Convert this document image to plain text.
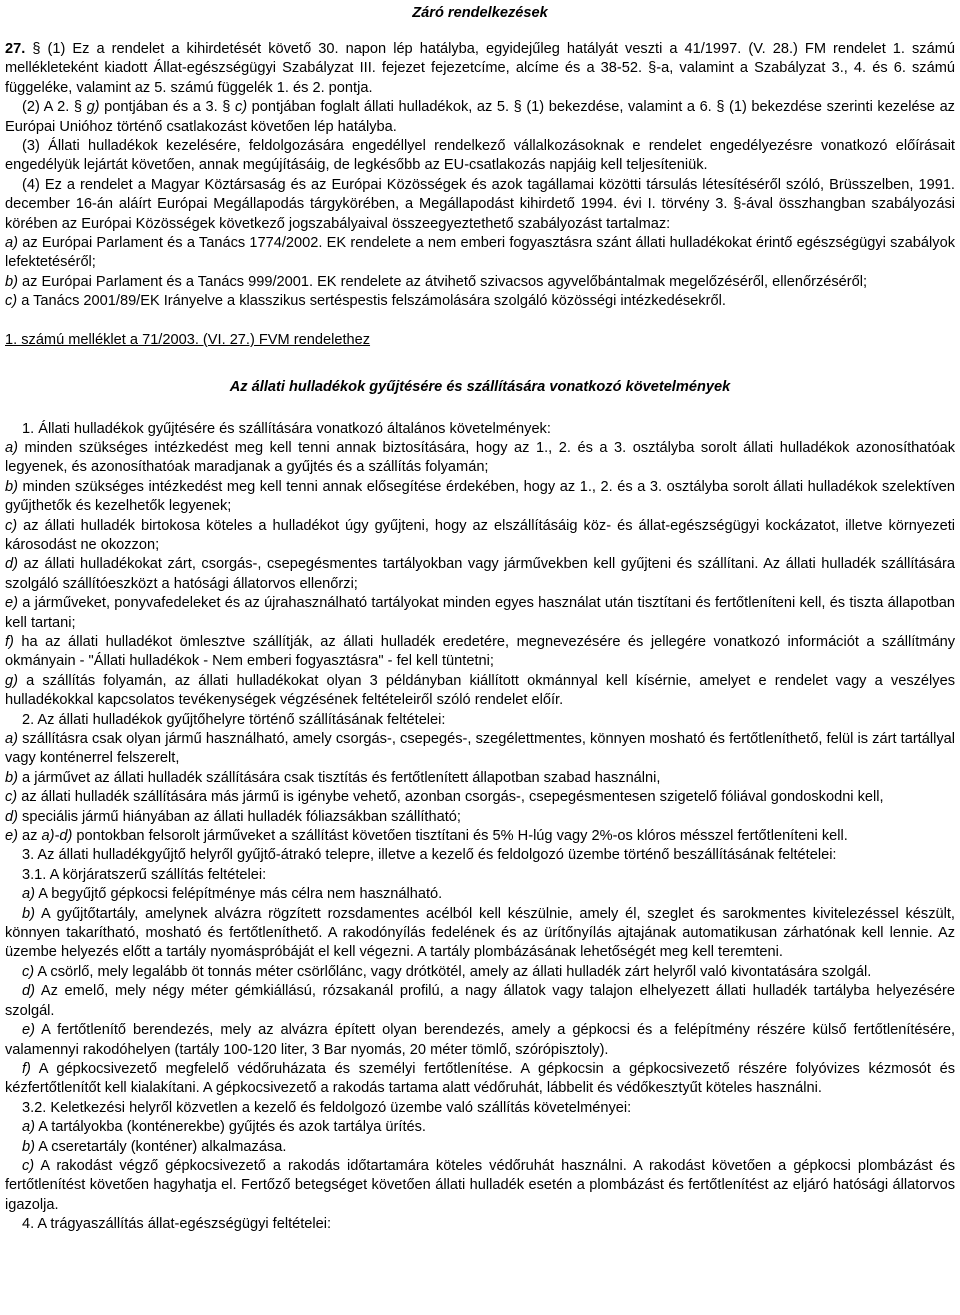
Záró rendelkezések

27. § (1) Ez a rendelet a kihirdetését követő 30. napon lép hatályba, egyidejűleg hatályát veszti a 41/1997. (V. 28.) FM rendelet 1. számú mellékleteként kiadott Állat-egészségügyi Szabályzat III. fejezet fejezetcíme, alcíme és a 38-52. §-a, valamint a Szabályzat 3., 4. és 6. számú függeléke, valamint az 5. számú függelék 1. és 2. pontja.

(2) A 2. § g) pontjában és a 3. § c) pontjában foglalt állati hulladékok, az 5. § (1) bekezdése, valamint a 6. § (1) bekezdése szerinti kezelése az Európai Unióhoz történő csatlakozást követően lép hatályba.

(3) Állati hulladékok kezelésére, feldolgozására engedéllyel rendelkező vállalkozásoknak e rendelet engedélyezésre vonatkozó előírásait engedélyük lejártát követően, annak megújításáig, de legkésőbb az EU-csatlakozás napjáig kell teljesíteniük.

(4) Ez a rendelet a Magyar Köztársaság és az Európai Közösségek és azok tagállamai közötti társulás létesítéséről szóló, Brüsszelben, 1991. december 16-án aláírt Európai Megállapodás tárgykörében, a Megállapodást kihirdető 1994. évi I. törvény 3. §-ával összhangban szabályozási körében az Európai Közösségek következő jogszabályaival összeegyeztethető szabályozást tartalmaz:

a) az Európai Parlament és a Tanács 1774/2002. EK rendelete a nem emberi fogyasztásra szánt állati hulladékokat érintő egészségügyi szabályok lefektetéséről;

b) az Európai Parlament és a Tanács 999/2001. EK rendelete az átvihető szivacsos agyvelőbántalmak megelőzéséről, ellenőrzéséről;

c) a Tanács 2001/89/EK Irányelve a klasszikus sertéspestis felszámolására szolgáló közösségi intézkedésekről.

1. számú melléklet a 71/2003. (VI. 27.) FVM rendelethez
Az állati hulladékok gyűjtésére és szállítására vonatkozó követelmények

1. Állati hulladékok gyűjtésére és szállítására vonatkozó általános követelmények:

a) minden szükséges intézkedést meg kell tenni annak biztosítására, hogy az 1., 2. és a 3. osztályba sorolt állati hulladékok azonosíthatóak legyenek, és azonosíthatóak maradjanak a gyűjtés és a szállítás folyamán;

b) minden szükséges intézkedést meg kell tenni annak elősegítése érdekében, hogy az 1., 2. és a 3. osztályba sorolt állati hulladékok szelektíven gyűjthetők és kezelhetők legyenek;

c) az állati hulladék birtokosa köteles a hulladékot úgy gyűjteni, hogy az elszállításáig köz- és állat-egészségügyi kockázatot, illetve környezeti károsodást ne okozzon;

d) az állati hulladékokat zárt, csorgás-, csepegésmentes tartályokban vagy járművekben kell gyűjteni és szállítani. Az állati hulladék szállítására szolgáló szállítóeszközt a hatósági állatorvos ellenőrzi;

e) a járműveket, ponyvafedeleket és az újrahasználható tartályokat minden egyes használat után tisztítani és fertőtleníteni kell, és tiszta állapotban kell tartani;

f) ha az állati hulladékot ömlesztve szállítják, az állati hulladék eredetére, megnevezésére és jellegére vonatkozó információt a szállítmány okmányain - "Állati hulladékok - Nem emberi fogyasztásra" - fel kell tüntetni;

g) a szállítás folyamán, az állati hulladékokat olyan 3 példányban kiállított okmánnyal kell kísérnie, amelyet e rendelet vagy a veszélyes hulladékokkal kapcsolatos tevékenységek végzésének feltételeiről szóló rendelet előír.

2. Az állati hulladékok gyűjtőhelyre történő szállításának feltételei:

a) szállításra csak olyan jármű használható, amely csorgás-, csepegés-, szegélettmentes, könnyen mosható és fertőtleníthető, felül is zárt tartállyal vagy konténerrel felszerelt,

b) a járművet az állati hulladék szállítására csak tisztítás és fertőtlenített állapotban szabad használni,

c) az állati hulladék szállítására más jármű is igénybe vehető, azonban csorgás-, csepegésmentesen szigetelő fóliával gondoskodni kell,

d) speciális jármű hiányában az állati hulladék fóliazsákban szállítható;

e) az a)-d) pontokban felsorolt járműveket a szállítást követően tisztítani és 5% H-lúg vagy 2%-os klóros mésszel fertőtleníteni kell.

3. Az állati hulladékgyűjtő helyről gyűjtő-átrakó telepre, illetve a kezelő és feldolgozó üzembe történő beszállításának feltételei:

3.1. A körjáratszerű szállítás feltételei:

a) A begyűjtő gépkocsi felépítménye más célra nem használható.

b) A gyűjtőtartály, amelynek alvázra rögzített rozsdamentes acélból kell készülnie, amely él, szeglet és sarokmentes kivitelezéssel készült, könnyen takarítható, mosható és fertőtleníthető. A rakodónyílás fedelének és az ürítőnyílás ajtajának automatikusan zárhatónak kell lennie. Az üzembe helyezés előtt a tartály nyomáspróbáját el kell végezni. A tartály plombázásának lehetőségét meg kell teremteni.

c) A csörlő, mely legalább öt tonnás méter csörlőlánc, vagy drótkötél, amely az állati hulladék zárt helyről való kivontatására szolgál.

d) Az emelő, mely négy méter gémkiállású, rózsakanál profilú, a nagy állatok vagy talajon elhelyezett állati hulladék tartályba helyezésére szolgál.

e) A fertőtlenítő berendezés, mely az alvázra épített olyan berendezés, amely a gépkocsi és a felépítmény részére külső fertőtlenítésére, valamennyi rakodóhelyen (tartály 100-120 liter, 3 Bar nyomás, 20 méter tömlő, szórópisztoly).

f) A gépkocsivezető megfelelő védőruházata és személyi fertőtlenítése. A gépkocsin a gépkocsivezető részére folyóvizes kézmosót és kézfertőtlenítőt kell kialakítani. A gépkocsivezető a rakodás tartama alatt védőruhát, lábbelit és védőkesztyűt köteles használni.

3.2. Keletkezési helyről közvetlen a kezelő és feldolgozó üzembe való szállítás követelményei:

a) A tartályokba (konténerekbe) gyűjtés és azok tartálya ürítés.

b) A cseretartály (konténer) alkalmazása.

c) A rakodást végző gépkocsivezető a rakodás időtartamára köteles védőruhát használni. A rakodást követően a gépkocsi plombázást és fertőtlenítést követően hagyhatja el. Fertőző betegséget követően állati hulladék esetén a plombázást és fertőtlenítést az eljáró hatósági állatorvos igazolja.

4. A trágyaszállítás állat-egészségügyi feltételei:
